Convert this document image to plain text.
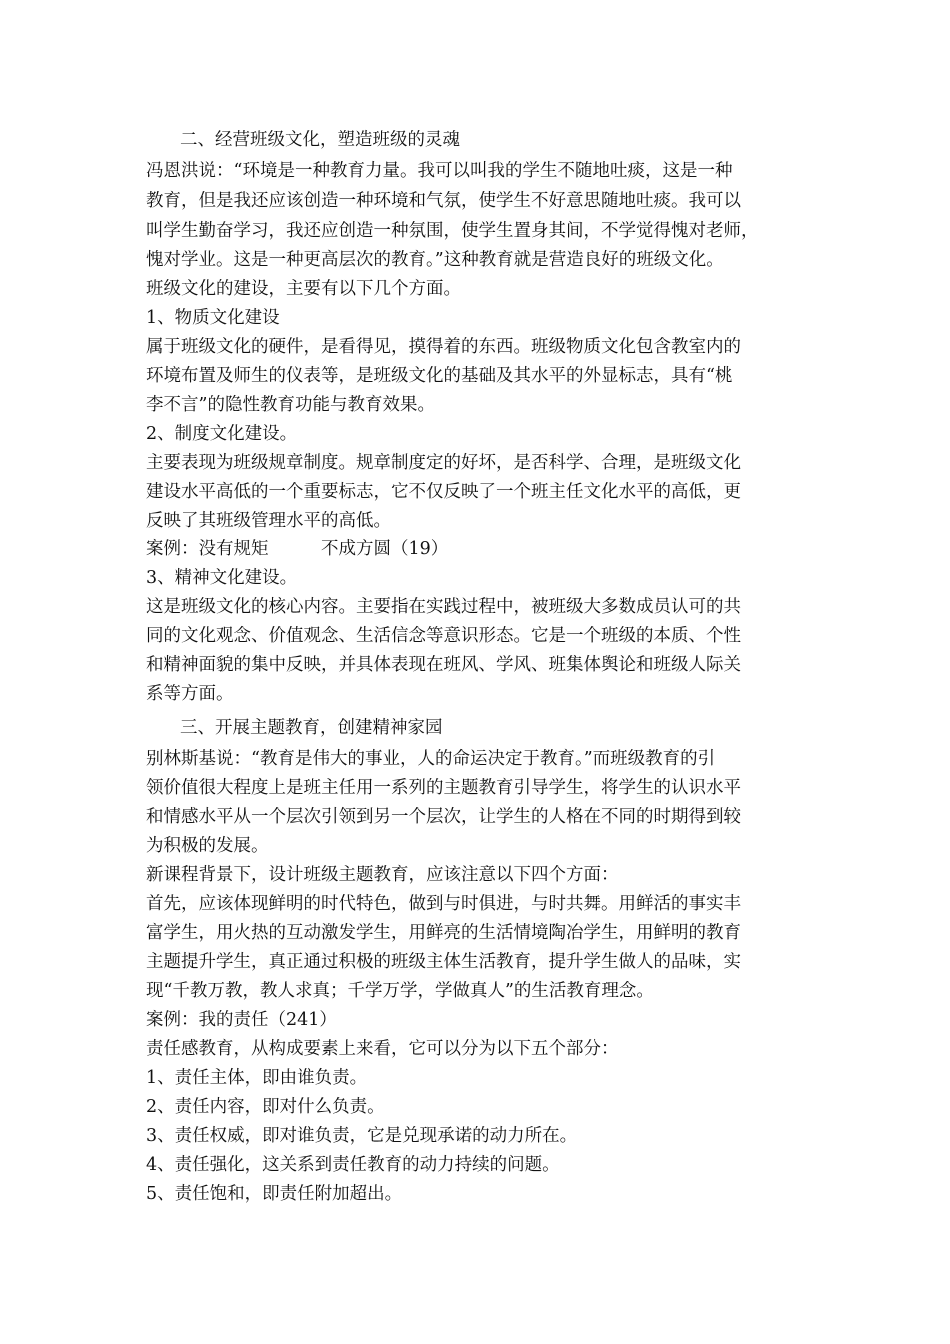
二、经营班级文化，塑造班级的灵魂
冯恩洪说：“环境是一种教育力量。我可以叫我的学生不随地吐痰，这是一种
教育，但是我还应该创造一种环境和气氛，使学生不好意思随地吐痰。我可以
叫学生勤奋学习，我还应创造一种氛围，使学生置身其间，不学觉得愧对老师，
愧对学业。这是一种更高层次的教育。”这种教育就是营造良好的班级文化。
班级文化的建设，主要有以下几个方面。
1、物质文化建设
属于班级文化的硬件，是看得见，摸得着的东西。班级物质文化包含教室内的
环境布置及师生的仪表等，是班级文化的基础及其水平的外显标志，具有“桃
李不言”的隐性教育功能与教育效果。
2、制度文化建设。
主要表现为班级规章制度。规章制度定的好坏，是否科学、合理，是班级文化
建设水平高低的一个重要标志，它不仅反映了一个班主任文化水平的高低，更
反映了其班级管理水平的高低。
案例：没有规矩　　　不成方圆（19）
3、精神文化建设。
这是班级文化的核心内容。主要指在实践过程中，被班级大多数成员认可的共
同的文化观念、价值观念、生活信念等意识形态。它是一个班级的本质、个性
和精神面貌的集中反映，并具体表现在班风、学风、班集体舆论和班级人际关
系等方面。
三、开展主题教育，创建精神家园
别林斯基说：“教育是伟大的事业，人的命运决定于教育。”而班级教育的引
领价值很大程度上是班主任用一系列的主题教育引导学生，将学生的认识水平
和情感水平从一个层次引领到另一个层次，让学生的人格在不同的时期得到较
为积极的发展。
新课程背景下，设计班级主题教育，应该注意以下四个方面：
首先，应该体现鲜明的时代特色，做到与时俱进，与时共舞。用鲜活的事实丰
富学生，用火热的互动激发学生，用鲜亮的生活情境陶冶学生，用鲜明的教育
主题提升学生，真正通过积极的班级主体生活教育，提升学生做人的品味，实
现“千教万教，教人求真；千学万学，学做真人”的生活教育理念。
案例：我的责任（241）
责任感教育，从构成要素上来看，它可以分为以下五个部分：
1、责任主体，即由谁负责。
2、责任内容，即对什么负责。
3、责任权威，即对谁负责，它是兑现承诺的动力所在。
4、责任强化，这关系到责任教育的动力持续的问题。
5、责任饱和，即责任附加超出。
